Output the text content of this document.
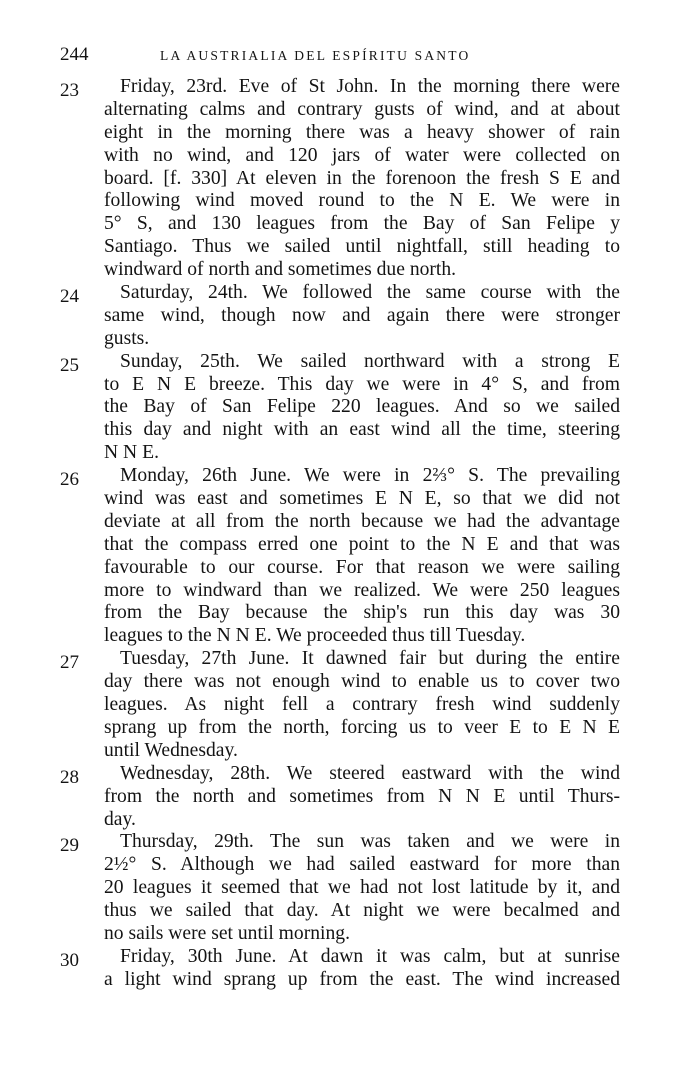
244	LA AUSTRIALIA DEL ESPÍRITU SANTO
23	Friday, 23rd. Eve of St John. In the morning there were
alternating calms and contrary gusts of wind, and at about
eight in the morning there was a heavy shower of rain
with no wind, and 120 jars of water were collected on
board. [f. 330] At eleven in the forenoon the fresh S E and
following wind moved round to the N E. We were in
5° S, and 130 leagues from the Bay of San Felipe y
Santiago. Thus we sailed until nightfall, still heading to
windward of north and sometimes due north.
24	Saturday, 24th. We followed the same course with the
same wind, though now and again there were stronger
gusts.
25	Sunday, 25th. We sailed northward with a strong E
to E N E breeze. This day we were in 4° S, and from
the Bay of San Felipe 220 leagues. And so we sailed
this day and night with an east wind all the time, steering
N N E.
26	Monday, 26th June. We were in 2⅔° S. The prevailing
wind was east and sometimes E N E, so that we did not
deviate at all from the north because we had the advantage
that the compass erred one point to the N E and that was
favourable to our course. For that reason we were sailing
more to windward than we realized. We were 250 leagues
from the Bay because the ship's run this day was 30
leagues to the N N E. We proceeded thus till Tuesday.
27	Tuesday, 27th June. It dawned fair but during the entire
day there was not enough wind to enable us to cover two
leagues. As night fell a contrary fresh wind suddenly
sprang up from the north, forcing us to veer E to E N E
until Wednesday.
28	Wednesday, 28th. We steered eastward with the wind
from the north and sometimes from N N E until Thurs-
day.
29	Thursday, 29th. The sun was taken and we were in
2½° S. Although we had sailed eastward for more than
20 leagues it seemed that we had not lost latitude by it, and
thus we sailed that day. At night we were becalmed and
no sails were set until morning.
30	Friday, 30th June. At dawn it was calm, but at sunrise
a light wind sprang up from the east. The wind increased
